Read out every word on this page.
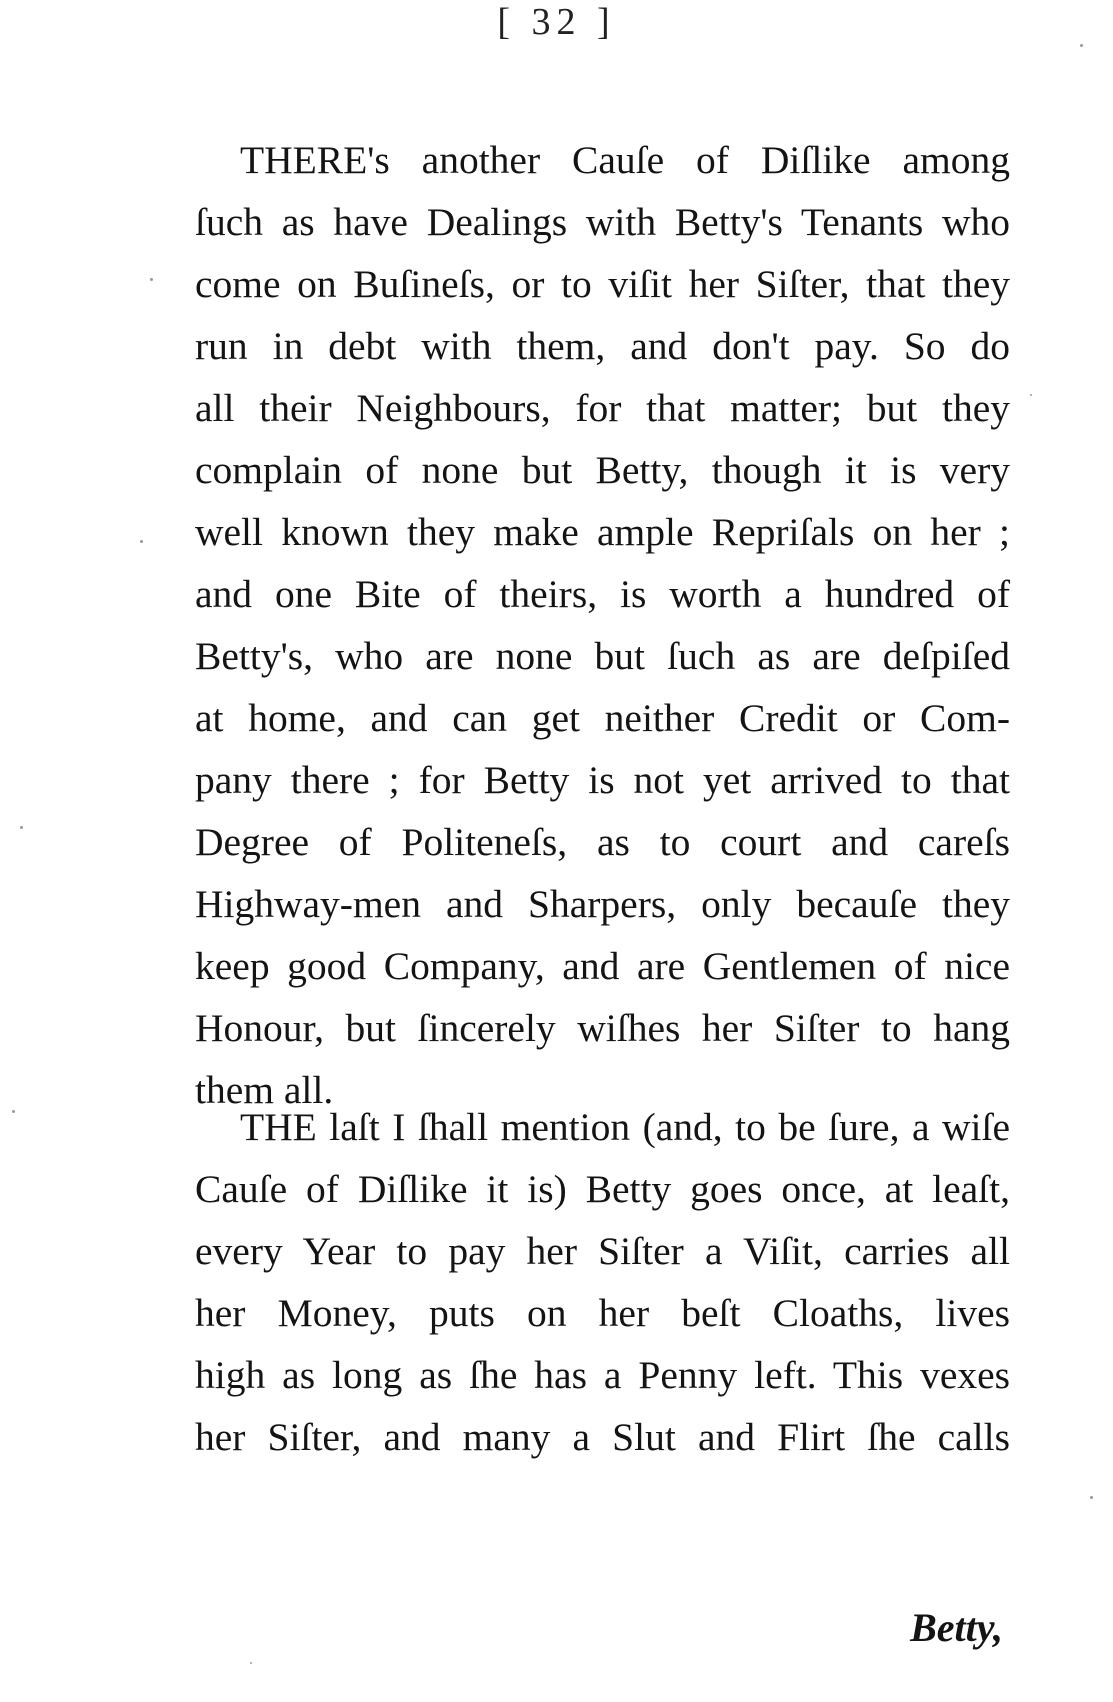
[ 32 ]
THERE's another Cauſe of Diſlike among
ſuch as have Dealings with Betty's Tenants who
come on Buſineſs, or to viſit her Siſter, that they
run in debt with them, and don't pay. So do
all their Neighbours, for that matter; but they
complain of none but Betty, though it is very
well known they make ample Repriſals on her ;
and one Bite of theirs, is worth a hundred of
Betty's, who are none but ſuch as are deſpiſed
at home, and can get neither Credit or Com-
pany there ; for Betty is not yet arrived to that
Degree of Politeneſs, as to court and careſs
Highway-men and Sharpers, only becauſe they
keep good Company, and are Gentlemen of nice
Honour, but ſincerely wiſhes her Siſter to hang
them all.
THE laſt I ſhall mention (and, to be ſure, a wiſe
Cauſe of Diſlike it is) Betty goes once, at leaſt,
every Year to pay her Siſter a Viſit, carries all
her Money, puts on her beſt Cloaths, lives
high as long as ſhe has a Penny left. This vexes
her Siſter, and many a Slut and Flirt ſhe calls
Betty,
